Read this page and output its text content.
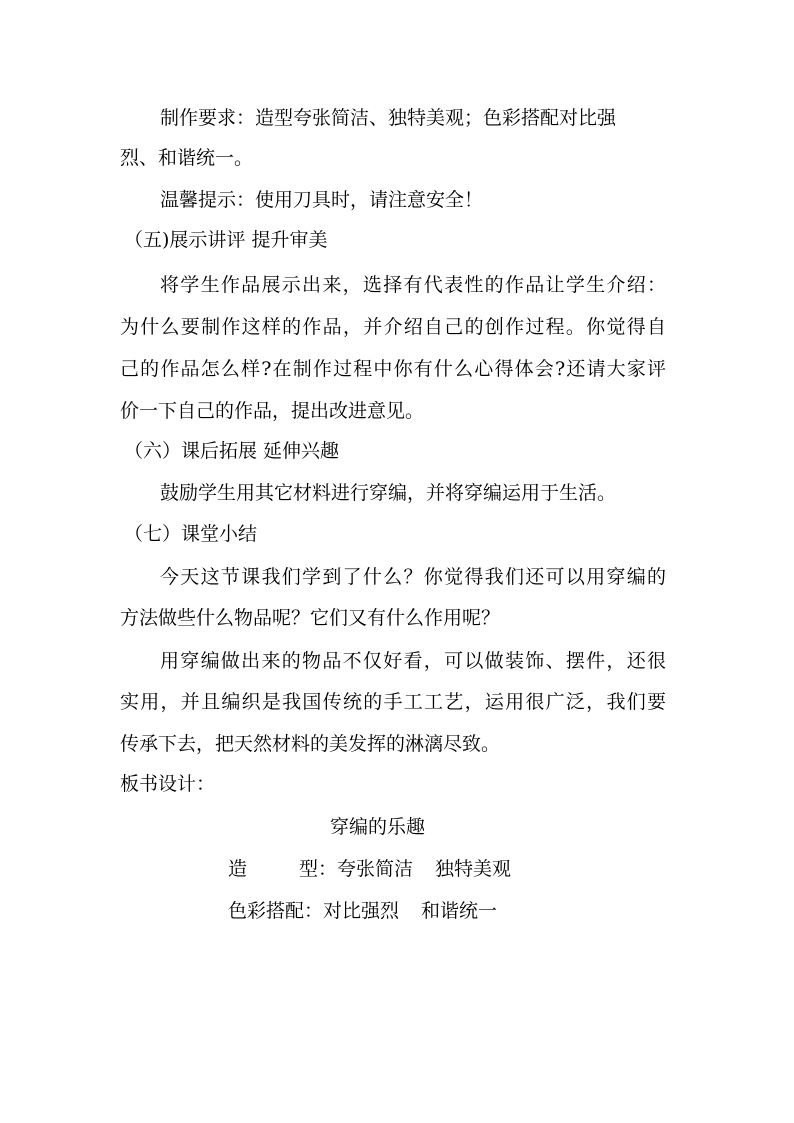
制作要求：造型夸张简洁、独特美观；色彩搭配对比强
烈、和谐统一。
温馨提示：使用刀具时，请注意安全！
（五)展示讲评 提升审美
将学生作品展示出来，选择有代表性的作品让学生介绍：
为什么要制作这样的作品，并介绍自己的创作过程。你觉得自
己的作品怎么样?在制作过程中你有什么心得体会?还请大家评
价一下自己的作品，提出改进意见。
（六）课后拓展 延伸兴趣
鼓励学生用其它材料进行穿编，并将穿编运用于生活。
（七）课堂小结
今天这节课我们学到了什么？你觉得我们还可以用穿编的
方法做些什么物品呢？它们又有什么作用呢？
用穿编做出来的物品不仅好看，可以做装饰、摆件，还很
实用，并且编织是我国传统的手工工艺，运用很广泛，我们要
传承下去，把天然材料的美发挥的淋漓尽致。
板书设计：
穿编的乐趣
造	型：夸张简洁 独特美观
色彩搭配：对比强烈 和谐统一
